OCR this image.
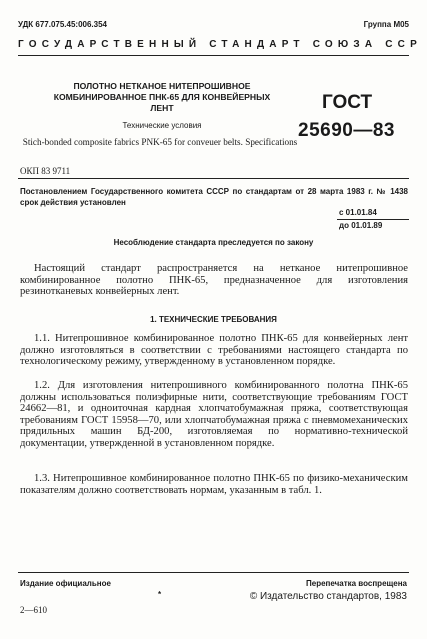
УДК 677.075.45:006.354	Группа М05
ГОСУДАРСТВЕННЫЙ СТАНДАРТ СОЮЗА ССР
ПОЛОТНО НЕТКАНОЕ НИТЕПРОШИВНОЕ КОМБИНИРОВАННОЕ ПНК-65 ДЛЯ КОНВЕЙЕРНЫХ ЛЕНТ	ГОСТ
25690—83
Технические условия
Stich-bonded composite fabrics PNK-65 for conveuer belts. Specifications
ОКП 83 9711
Постановлением Государственного комитета СССР по стандартам от 28 марта 1983 г. № 1438 срок действия установлен
с 01.01.84
до 01.01.89
Несоблюдение стандарта преследуется по закону
Настоящий стандарт распространяется на нетканое нитепрошивное комбинированное полотно ПНК-65, предназначенное для изготовления резинотканевых конвейерных лент.
1. ТЕХНИЧЕСКИЕ ТРЕБОВАНИЯ
1.1. Нитепрошивное комбинированное полотно ПНК-65 для конвейерных лент должно изготовляться в соответствии с требованиями настоящего стандарта по технологическому режиму, утвержденному в установленном порядке.
1.2. Для изготовления нитепрошивного комбинированного полотна ПНК-65 должны использоваться полиэфирные нити, соответствующие требованиям ГОСТ 24662—81, и одноиточная кардная хлопчатобумажная пряжа, соответствующая требованиям ГОСТ 15958—70, или хлопчатобумажная пряжа с пневмомеханических прядильных машин БД-200, изготовляемая по нормативно-технической документации, утвержденной в установленном порядке.
1.3. Нитепрошивное комбинированное полотно ПНК-65 по физико-механическим показателям должно соответствовать нормам, указанным в табл. 1.
Издание официальное	Перепечатка воспрещена
*	© Издательство стандартов, 1983
2—610
